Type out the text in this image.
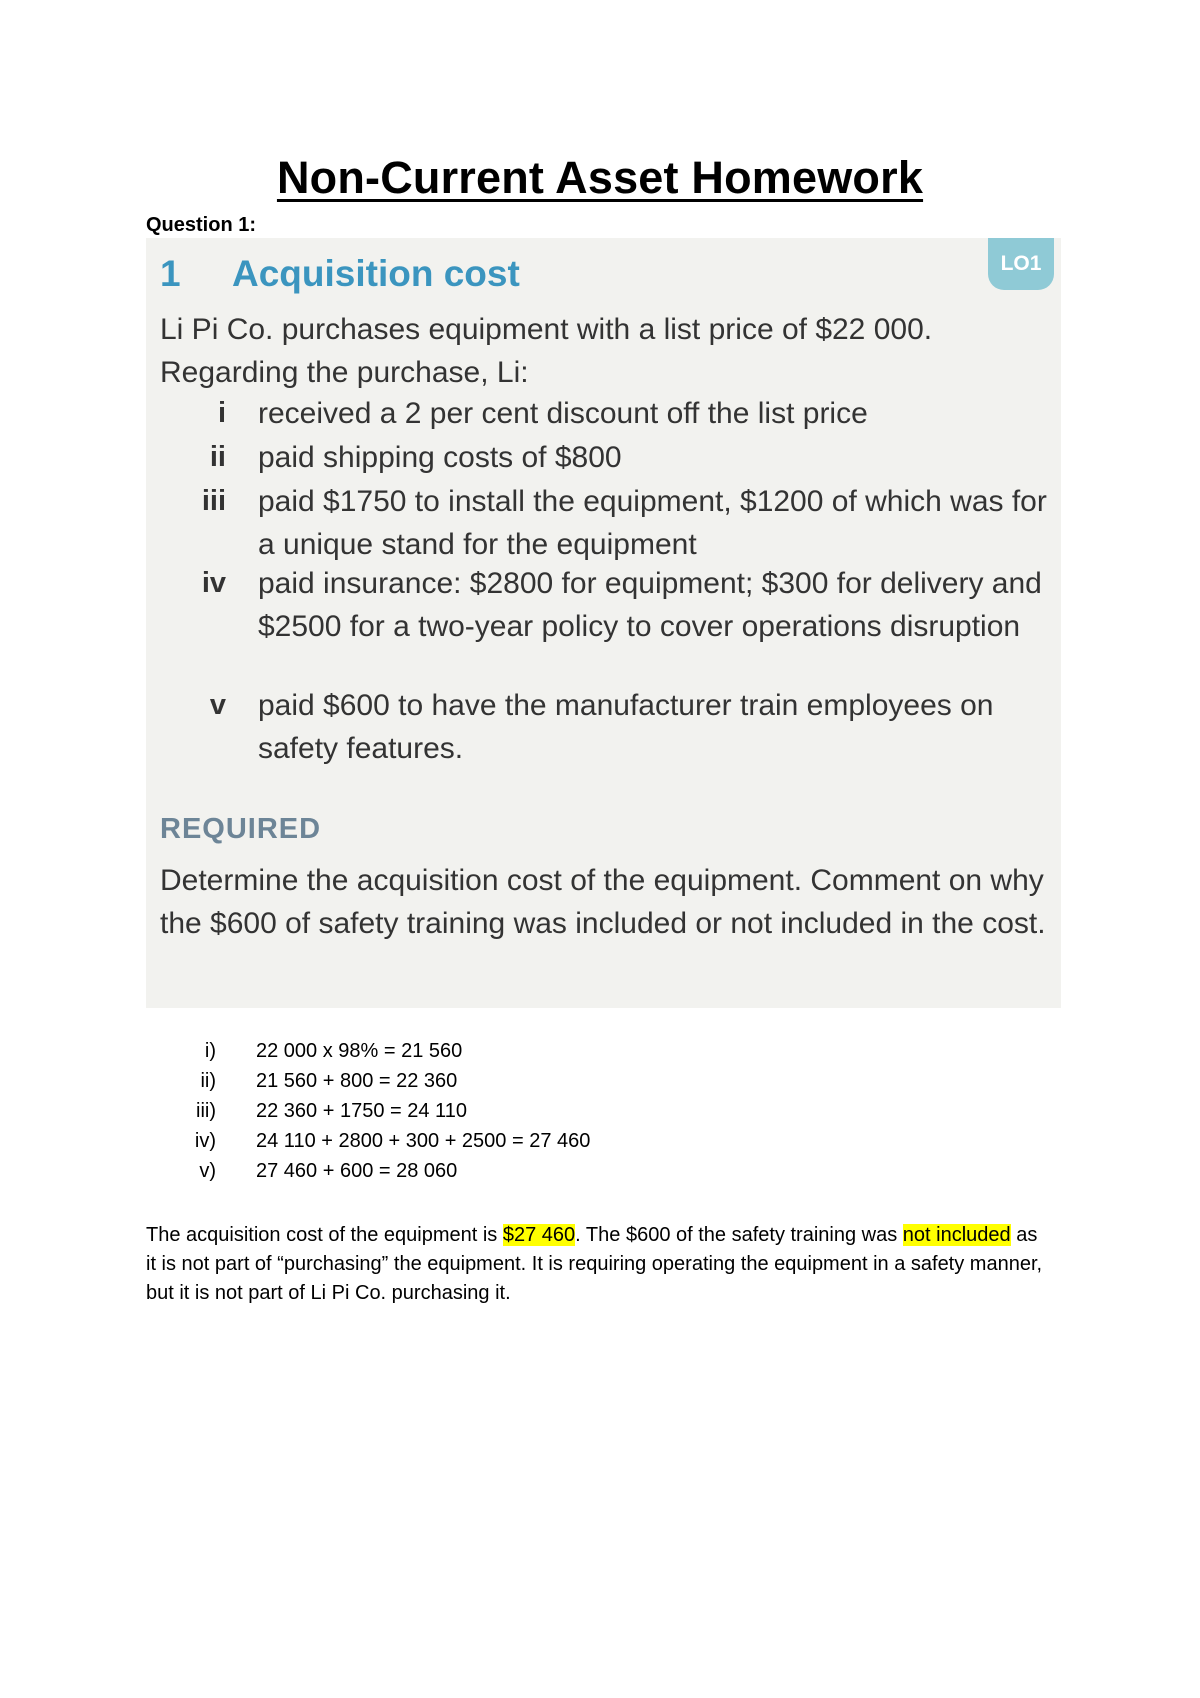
Non-Current Asset Homework
Question 1:
1 Acquisition cost	LO1

Li Pi Co. purchases equipment with a list price of $22 000. Regarding the purchase, Li:

i received a 2 per cent discount off the list price
ii paid shipping costs of $800
iii paid $1750 to install the equipment, $1200 of which was for a unique stand for the equipment
iv paid insurance: $2800 for equipment; $300 for delivery and $2500 for a two-year policy to cover operations disruption
v paid $600 to have the manufacturer train employees on safety features.
REQUIRED
Determine the acquisition cost of the equipment. Comment on why the $600 of safety training was included or not included in the cost.
i) 22 000 x 98% = 21 560
ii) 21 560 + 800 = 22 360
iii) 22 360 + 1750 = 24 110
iv) 24 110 + 2800 + 300 + 2500 = 27 460
v) 27 460 + 600 = 28 060
The acquisition cost of the equipment is $27 460. The $600 of the safety training was not included as it is not part of “purchasing” the equipment. It is requiring operating the equipment in a safety manner, but it is not part of Li Pi Co. purchasing it.
